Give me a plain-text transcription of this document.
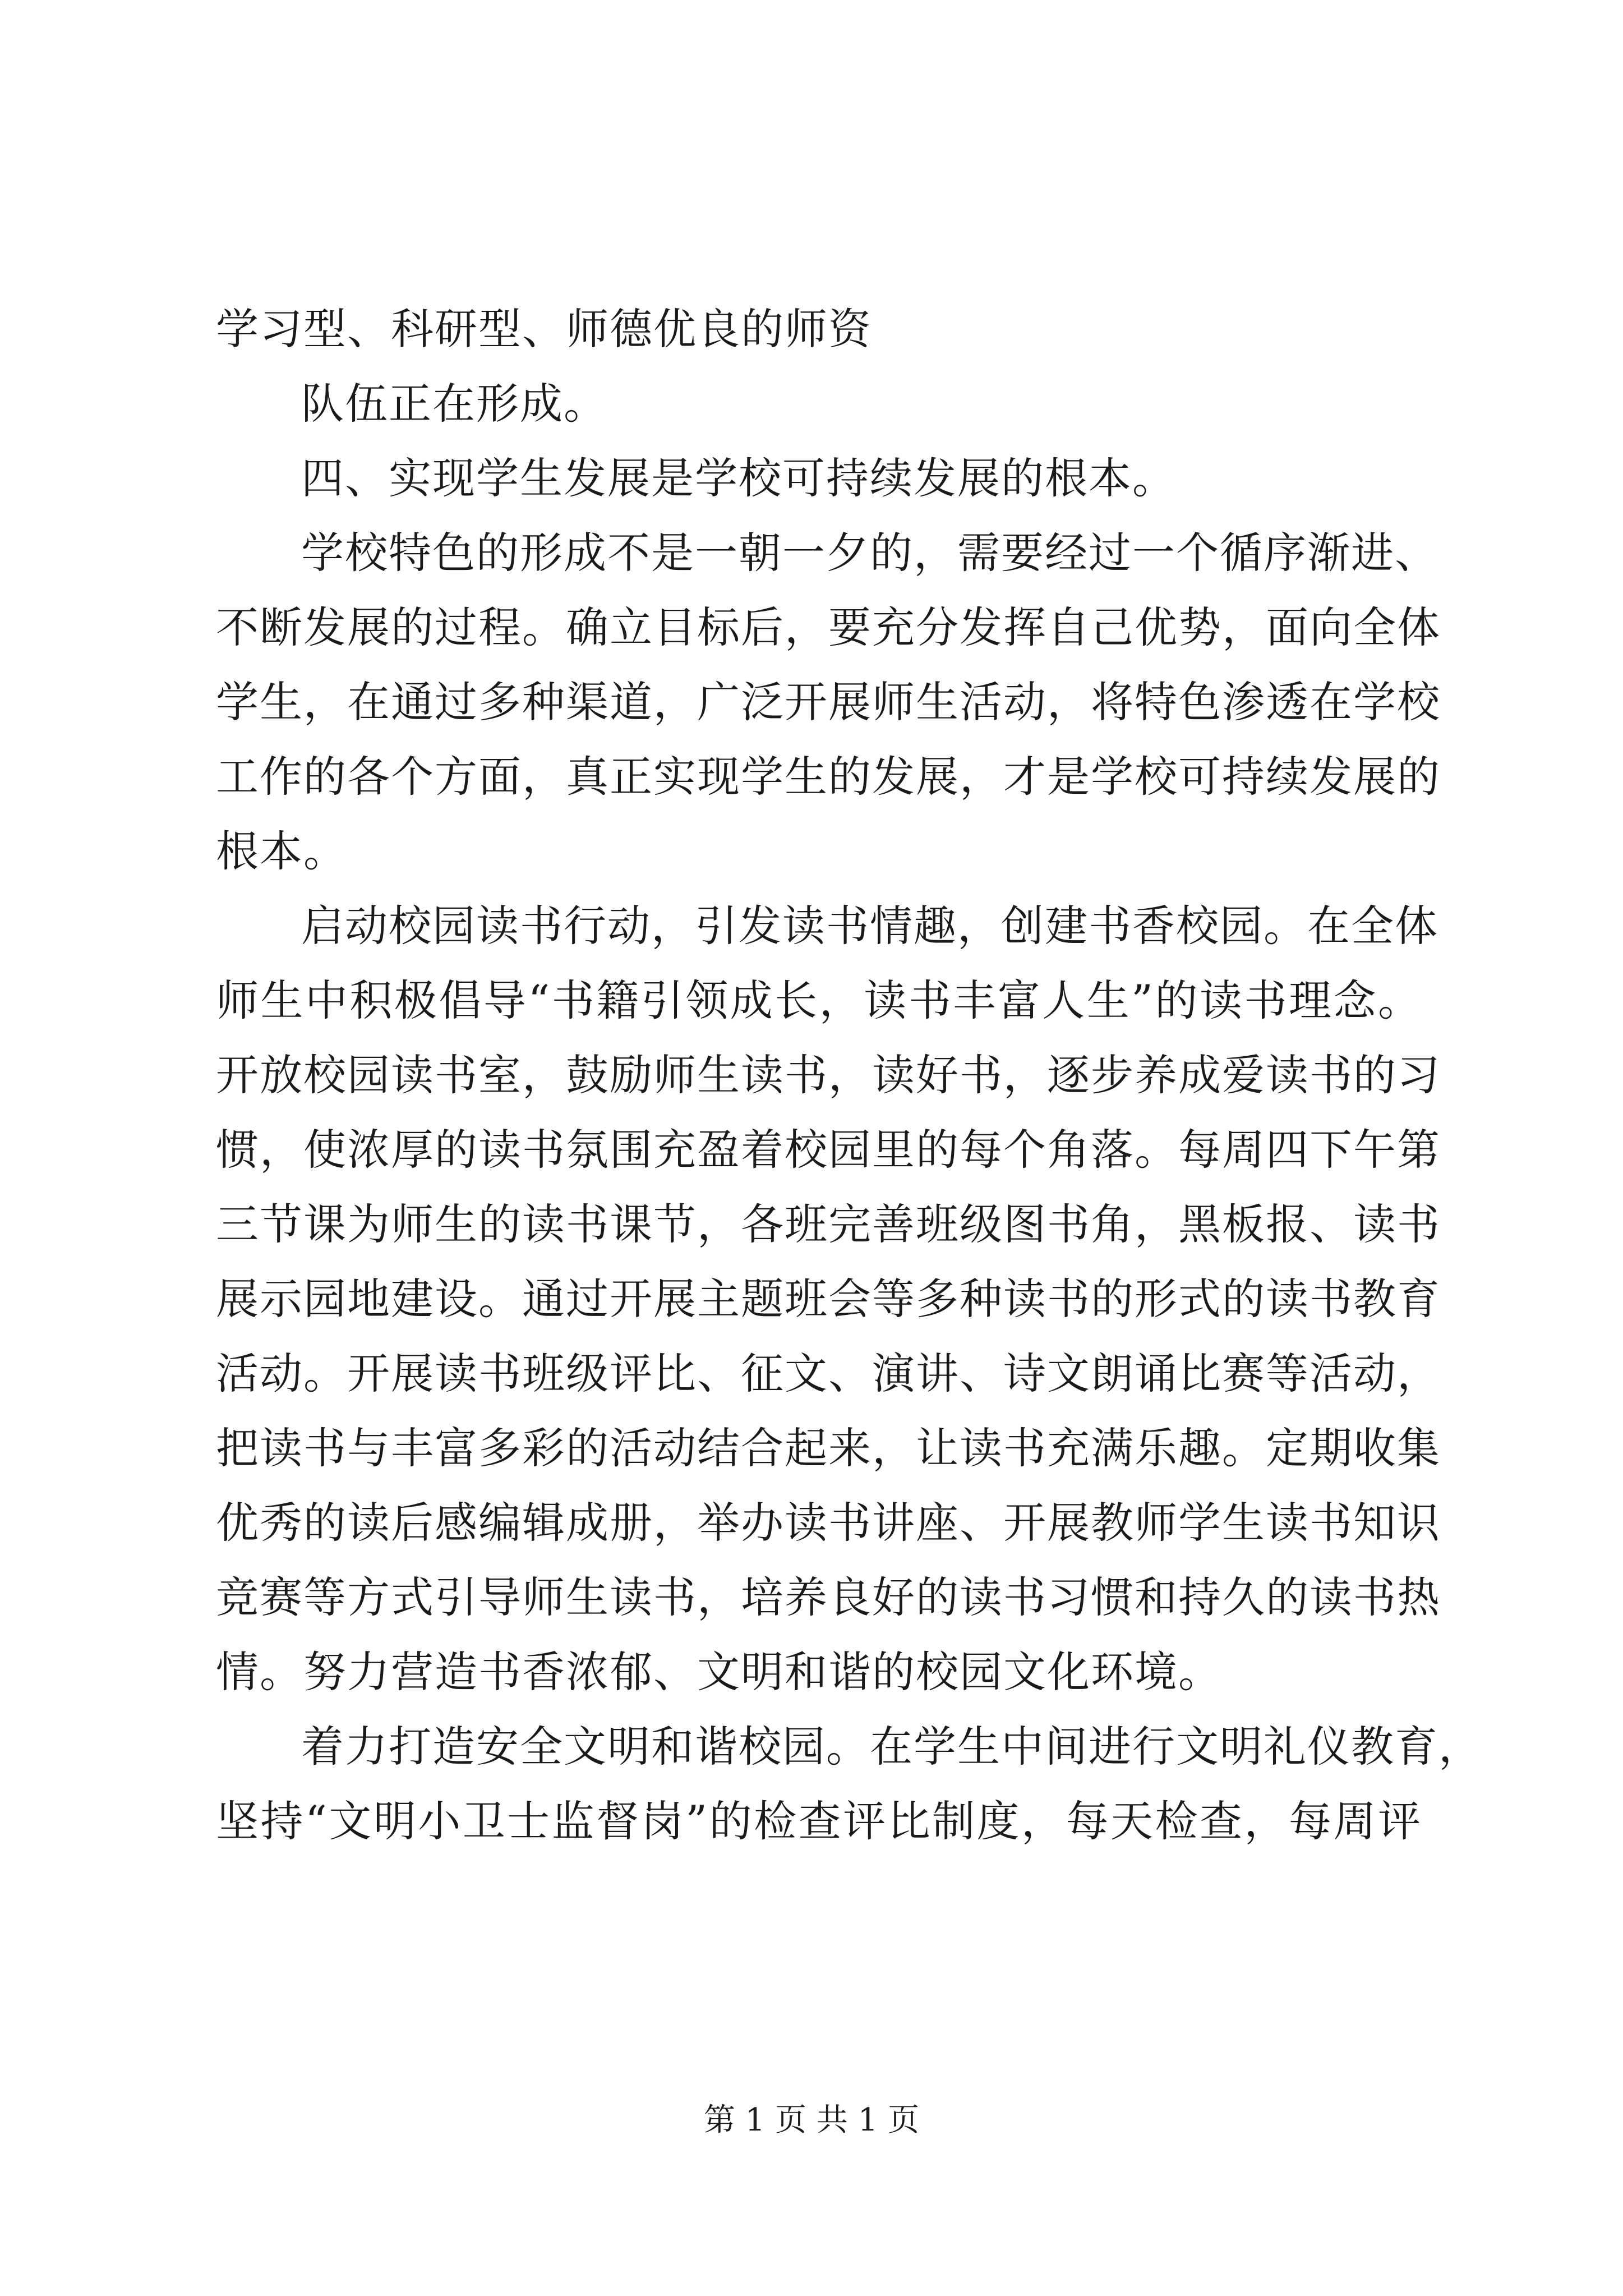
学习型、科研型、师德优良的师资
队伍正在形成。
四、实现学生发展是学校可持续发展的根本。
学校特色的形成不是一朝一夕的，需要经过一个循序渐进、
不断发展的过程。确立目标后，要充分发挥自己优势，面向全体
学生，在通过多种渠道，广泛开展师生活动，将特色渗透在学校
工作的各个方面，真正实现学生的发展，才是学校可持续发展的
根本。
启动校园读书行动，引发读书情趣，创建书香校园。在全体
师生中积极倡导“书籍引领成长，读书丰富人生”的读书理念。
开放校园读书室，鼓励师生读书，读好书，逐步养成爱读书的习
惯，使浓厚的读书氛围充盈着校园里的每个角落。每周四下午第
三节课为师生的读书课节，各班完善班级图书角，黑板报、读书
展示园地建设。通过开展主题班会等多种读书的形式的读书教育
活动。开展读书班级评比、征文、演讲、诗文朗诵比赛等活动，
把读书与丰富多彩的活动结合起来，让读书充满乐趣。定期收集
优秀的读后感编辑成册，举办读书讲座、开展教师学生读书知识
竞赛等方式引导师生读书，培养良好的读书习惯和持久的读书热
情。努力营造书香浓郁、文明和谐的校园文化环境。
着力打造安全文明和谐校园。在学生中间进行文明礼仪教育，
坚持“文明小卫士监督岗”的检查评比制度，每天检查，每周评
第 1 页 共 1 页
